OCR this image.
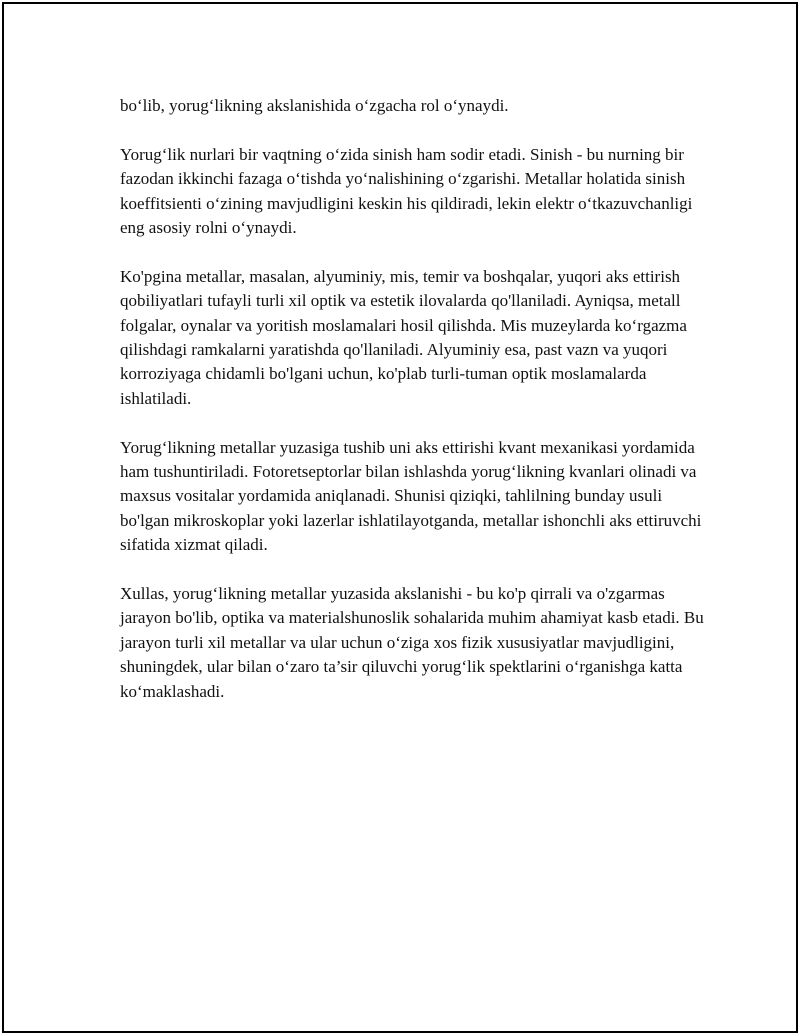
bo‘lib, yorug‘likning akslanishida o‘zgacha rol o‘ynaydi.

Yorug‘lik nurlari bir vaqtning o‘zida sinish ham sodir etadi. Sinish - bu nurning bir fazodan ikkinchi fazaga o‘tishda yo‘nalishining o‘zgarishi. Metallar holatida sinish koeffitsienti o‘zining mavjudligini keskin his qildiradi, lekin elektr o‘tkazuvchanligi eng asosiy rolni o‘ynaydi.

Ko'pgina metallar, masalan, alyuminiy, mis, temir va boshqalar, yuqori aks ettirish qobiliyatlari tufayli turli xil optik va estetik ilovalarda qo'llaniladi. Ayniqsa, metall folgalar, oynalar va yoritish moslamalari hosil qilishda. Mis muzeylarda ko‘rgazma qilishdagi ramkalarni yaratishda qo'llaniladi. Alyuminiy esa, past vazn va yuqori korroziyaga chidamli bo'lgani uchun, ko'plab turli-tuman optik moslamalarda ishlatiladi.

Yorug‘likning metallar yuzasiga tushib uni aks ettirishi kvant mexanikasi yordamida ham tushuntiriladi. Fotoretseptorlar bilan ishlashda yorug‘likning kvanlari olinadi va maxsus vositalar yordamida aniqlanadi. Shunisi qiziqki, tahlilning bunday usuli bo'lgan mikroskoplar yoki lazerlar ishlatilayotganda, metallar ishonchli aks ettiruvchi sifatida xizmat qiladi.

Xullas, yorug‘likning metallar yuzasida akslanishi - bu ko'p qirrali va o'zgarmas jarayon bo'lib, optika va materialshunoslik sohalarida muhim ahamiyat kasb etadi. Bu jarayon turli xil metallar va ular uchun o‘ziga xos fizik xususiyatlar mavjudligini, shuningdek, ular bilan o‘zaro ta’sir qiluvchi yorug‘lik spektlarini o‘rganishga katta ko‘maklashadi.
